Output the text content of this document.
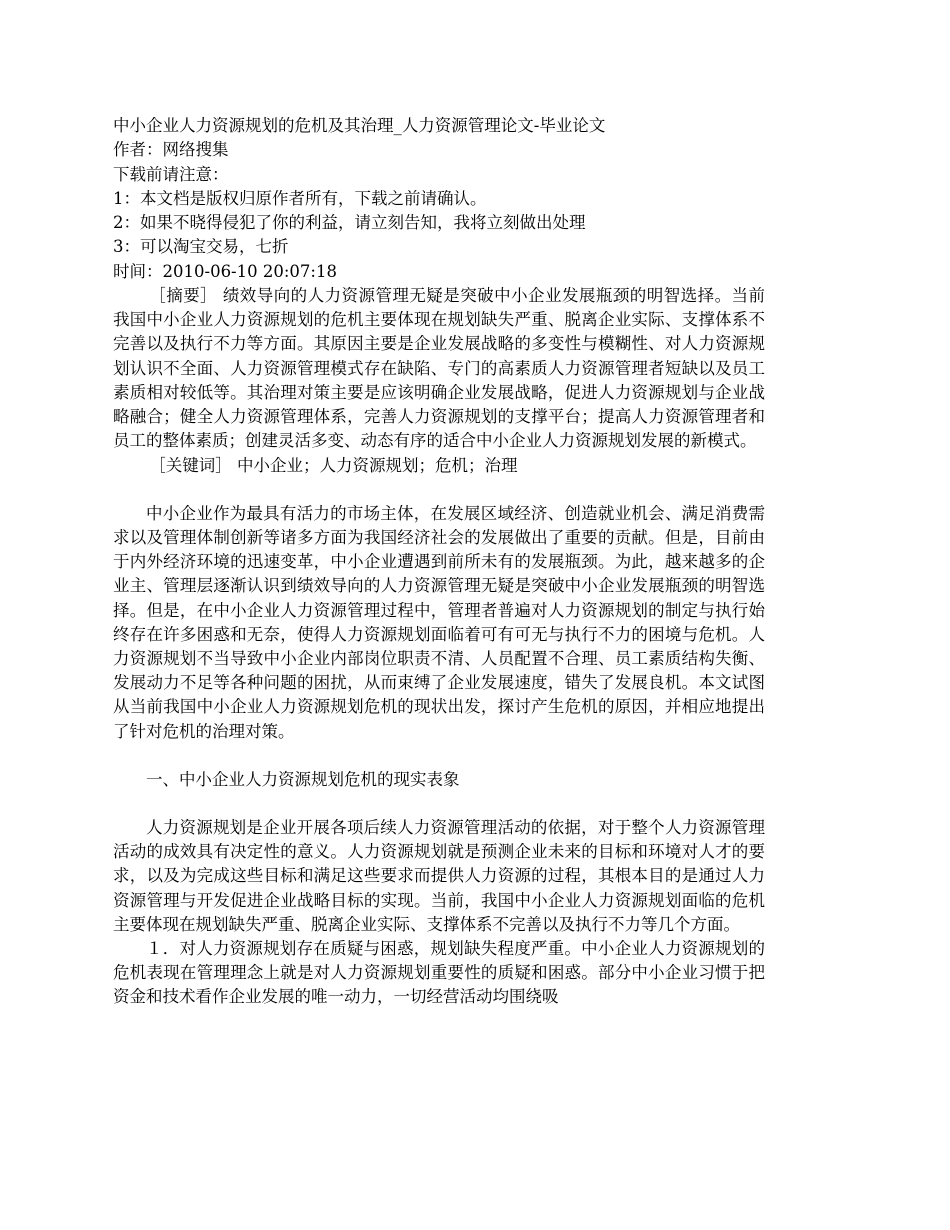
中小企业人力资源规划的危机及其治理_人力资源管理论文-毕业论文

作者：网络搜集

下载前请注意：

1：本文档是版权归原作者所有，下载之前请确认。

2：如果不晓得侵犯了你的利益，请立刻告知，我将立刻做出处理

3：可以淘宝交易，七折

时间：2010-06-10 20:07:18

［摘要］ 绩效导向的人力资源管理无疑是突破中小企业发展瓶颈的明智选择。当前我国中小企业人力资源规划的危机主要体现在规划缺失严重、脱离企业实际、支撑体系不完善以及执行不力等方面。其原因主要是企业发展战略的多变性与模糊性、对人力资源规划认识不全面、人力资源管理模式存在缺陷、专门的高素质人力资源管理者短缺以及员工素质相对较低等。其治理对策主要是应该明确企业发展战略，促进人力资源规划与企业战略融合；健全人力资源管理体系，完善人力资源规划的支撑平台；提高人力资源管理者和员工的整体素质；创建灵活多变、动态有序的适合中小企业人力资源规划发展的新模式。

［关键词］ 中小企业；人力资源规划；危机；治理

中小企业作为最具有活力的市场主体，在发展区域经济、创造就业机会、满足消费需求以及管理体制创新等诸多方面为我国经济社会的发展做出了重要的贡献。但是，目前由于内外经济环境的迅速变革，中小企业遭遇到前所未有的发展瓶颈。为此，越来越多的企业主、管理层逐渐认识到绩效导向的人力资源管理无疑是突破中小企业发展瓶颈的明智选择。但是，在中小企业人力资源管理过程中，管理者普遍对人力资源规划的制定与执行始终存在许多困惑和无奈，使得人力资源规划面临着可有可无与执行不力的困境与危机。人力资源规划不当导致中小企业内部岗位职责不清、人员配置不合理、员工素质结构失衡、发展动力不足等各种问题的困扰，从而束缚了企业发展速度，错失了发展良机。本文试图从当前我国中小企业人力资源规划危机的现状出发，探讨产生危机的原因，并相应地提出了针对危机的治理对策。

一、中小企业人力资源规划危机的现实表象

人力资源规划是企业开展各项后续人力资源管理活动的依据，对于整个人力资源管理活动的成效具有决定性的意义。人力资源规划就是预测企业未来的目标和环境对人才的要求，以及为完成这些目标和满足这些要求而提供人力资源的过程，其根本目的是通过人力资源管理与开发促进企业战略目标的实现。当前，我国中小企业人力资源规划面临的危机主要体现在规划缺失严重、脱离企业实际、支撑体系不完善以及执行不力等几个方面。

１．对人力资源规划存在质疑与困惑，规划缺失程度严重。中小企业人力资源规划的危机表现在管理理念上就是对人力资源规划重要性的质疑和困惑。部分中小企业习惯于把资金和技术看作企业发展的唯一动力，一切经营活动均围绕吸
